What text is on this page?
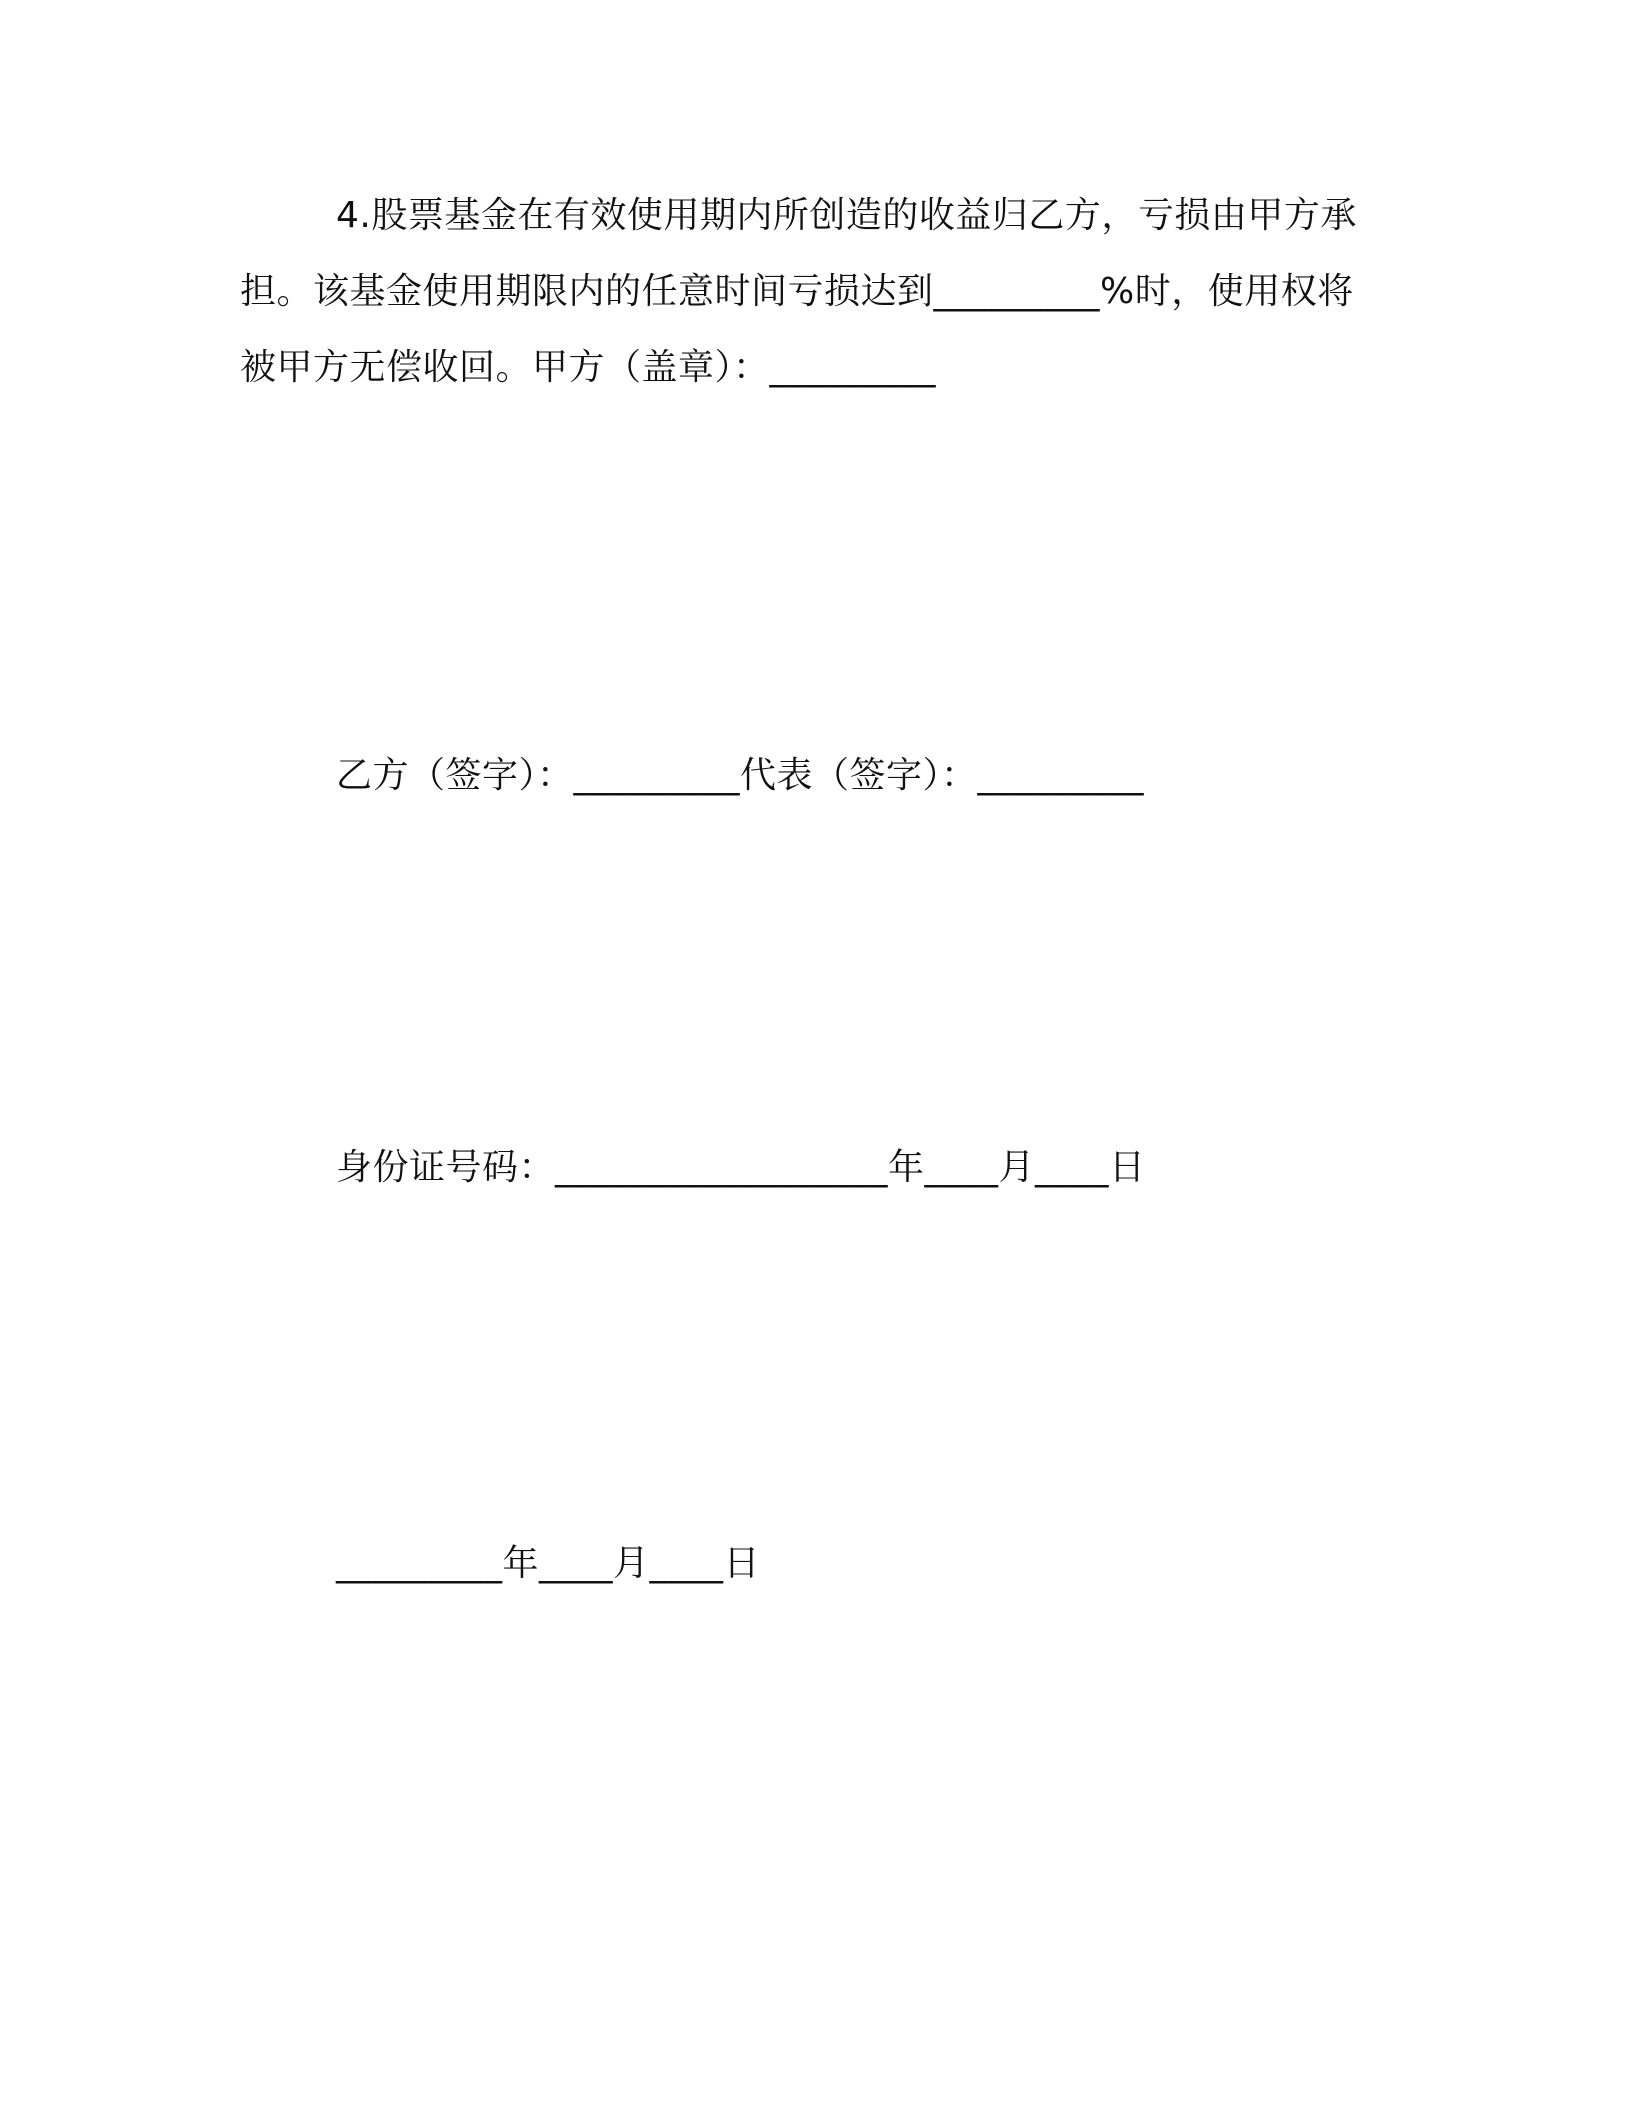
4.股票基金在有效使用期内所创造的收益归乙方，亏损由甲方承担。该基金使用期限内的任意时间亏损达到_________%时，使用权将被甲方无偿收回。甲方（盖章）：_________

乙方（签字）：_________代表（签字）：_________

身份证号码：__________________年____月____日

_________年____月____日
